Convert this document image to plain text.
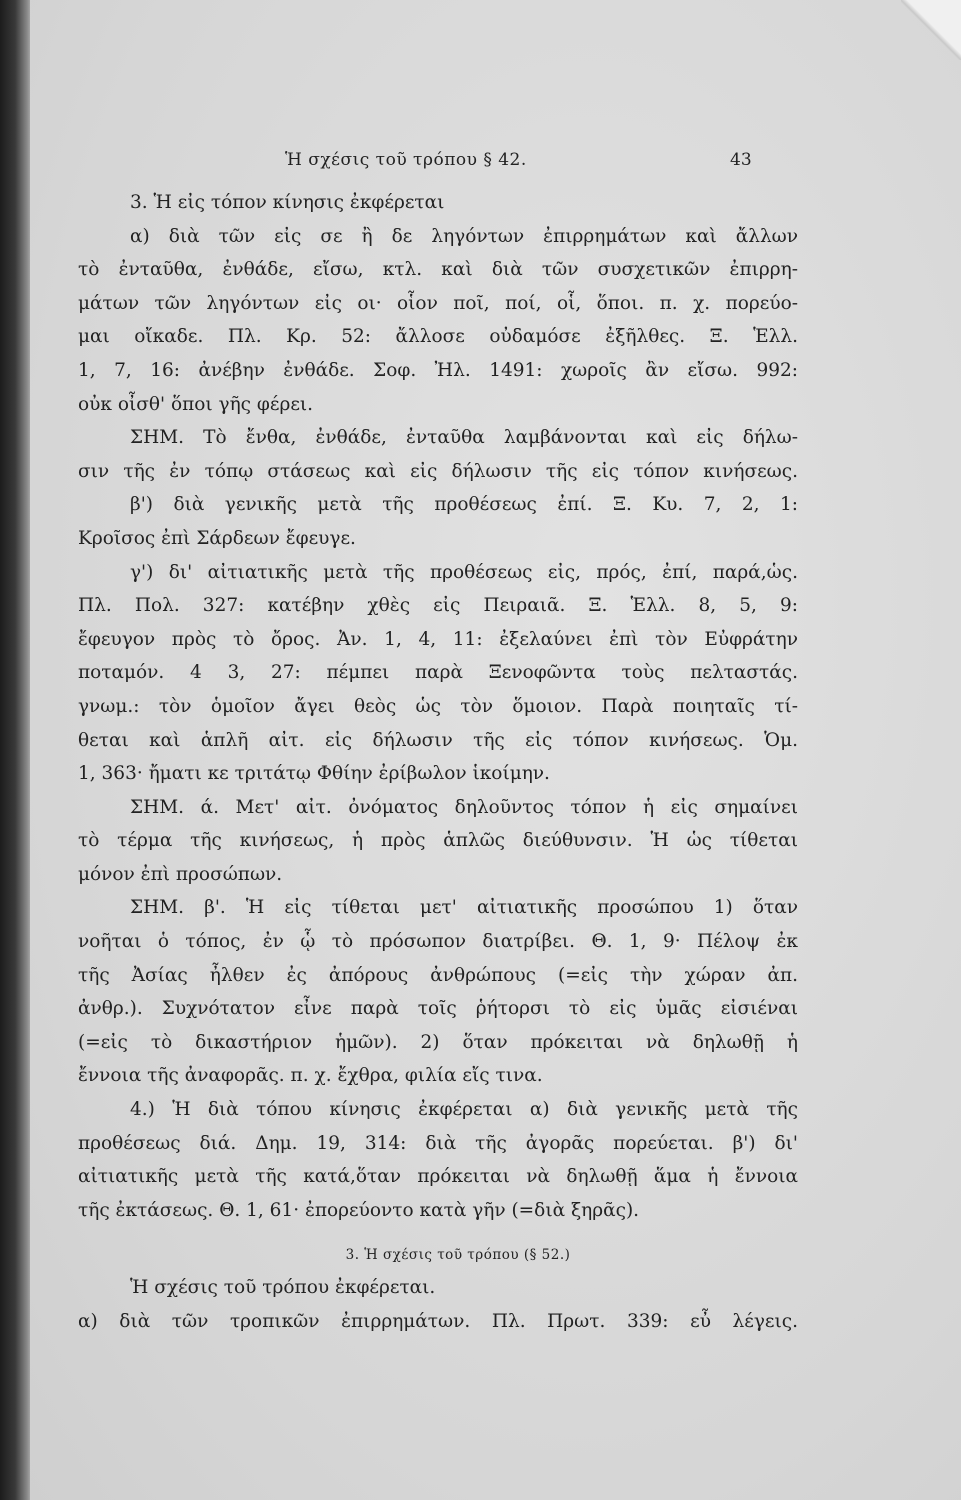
Ἡ σχέσις τοῦ τρόπου § 42.	43
3. Ἡ εἰς τόπον κίνησις ἐκφέρεται
α) διὰ τῶν εἰς σε ἢ δε ληγόντων ἐπιρρημάτων καὶ ἄλλων
τὸ ἐνταῦθα, ἐνθάδε, εἴσω, κτλ. καὶ διὰ τῶν συσχετικῶν ἐπιρρη-
μάτων τῶν ληγόντων εἰς οι· οἷον ποῖ, ποί, οἷ, ὅποι. π. χ. πορεύο-
μαι οἴκαδε. Πλ. Κρ. 52: ἄλλοσε οὐδαμόσε ἐξῆλθες. Ξ. Ἑλλ.
1, 7, 16: ἀνέβην ἐνθάδε. Σοφ. Ἠλ. 1491: χωροῖς ἂν εἴσω. 992:
οὐκ οἶσθ' ὅποι γῆς φέρει.
ΣΗΜ. Τὸ ἔνθα, ἐνθάδε, ἐνταῦθα λαμβάνονται καὶ εἰς δήλω-
σιν τῆς ἐν τόπῳ στάσεως καὶ εἰς δήλωσιν τῆς εἰς τόπον κινήσεως.
β') διὰ γενικῆς μετὰ τῆς προθέσεως ἐπί. Ξ. Κυ. 7, 2, 1:
Κροῖσος ἐπὶ Σάρδεων ἔφευγε.
γ') δι' αἰτιατικῆς μετὰ τῆς προθέσεως εἰς, πρός, ἐπί, παρά,ὡς.
Πλ. Πολ. 327: κατέβην χθὲς εἰς Πειραιᾶ. Ξ. Ἑλλ. 8, 5, 9:
ἔφευγον πρὸς τὸ ὄρος. Ἀν. 1, 4, 11: ἐξελαύνει ἐπὶ τὸν Εὐφράτην
ποταμόν. 4 3, 27: πέμπει παρὰ Ξενοφῶντα τοὺς πελταστάς.
γνωμ.: τὸν ὁμοῖον ἄγει θεὸς ὡς τὸν ὅμοιον. Παρὰ ποιηταῖς τί-
θεται καὶ ἁπλῆ αἰτ. εἰς δήλωσιν τῆς εἰς τόπον κινήσεως. Ὁμ.
1, 363· ἤματι κε τριτάτῳ Φθίην ἐρίβωλον ἱκοίμην.
ΣΗΜ. ά. Μετ' αἰτ. ὀνόματος δηλοῦντος τόπον ἡ εἰς σημαίνει
τὸ τέρμα τῆς κινήσεως, ἡ πρὸς ἁπλῶς διεύθυνσιν. Ἡ ὡς τίθεται
μόνον ἐπὶ προσώπων.
ΣΗΜ. β'. Ἡ εἰς τίθεται μετ' αἰτιατικῆς προσώπου 1) ὅταν
νοῆται ὁ τόπος, ἐν ᾧ τὸ πρόσωπον διατρίβει. Θ. 1, 9· Πέλοψ ἐκ
τῆς Ἀσίας ἦλθεν ἐς ἀπόρους ἀνθρώπους (=εἰς τὴν χώραν ἀπ.
ἀνθρ.). Συχνότατον εἶνε παρὰ τοῖς ῥήτορσι τὸ εἰς ὑμᾶς εἰσιέναι
(=εἰς τὸ δικαστήριον ἡμῶν). 2) ὅταν πρόκειται νὰ δηλωθῇ ἡ
ἔννοια τῆς ἀναφορᾶς. π. χ. ἔχθρα, φιλία εἴς τινα.
4.) Ἡ διὰ τόπου κίνησις ἐκφέρεται α) διὰ γενικῆς μετὰ τῆς
προθέσεως διά. Δημ. 19, 314: διὰ τῆς ἀγορᾶς πορεύεται. β') δι'
αἰτιατικῆς μετὰ τῆς κατά,ὅταν πρόκειται νὰ δηλωθῇ ἅμα ἡ ἔννοια
τῆς ἐκτάσεως. Θ. 1, 61· ἐπορεύοντο κατὰ γῆν (=διὰ ξηρᾶς).
3. Ἡ σχέσις τοῦ τρόπου (§ 52.)
Ἡ σχέσις τοῦ τρόπου ἐκφέρεται.
α) διὰ τῶν τροπικῶν ἐπιρρημάτων. Πλ. Πρωτ. 339: εὖ λέγεις.
